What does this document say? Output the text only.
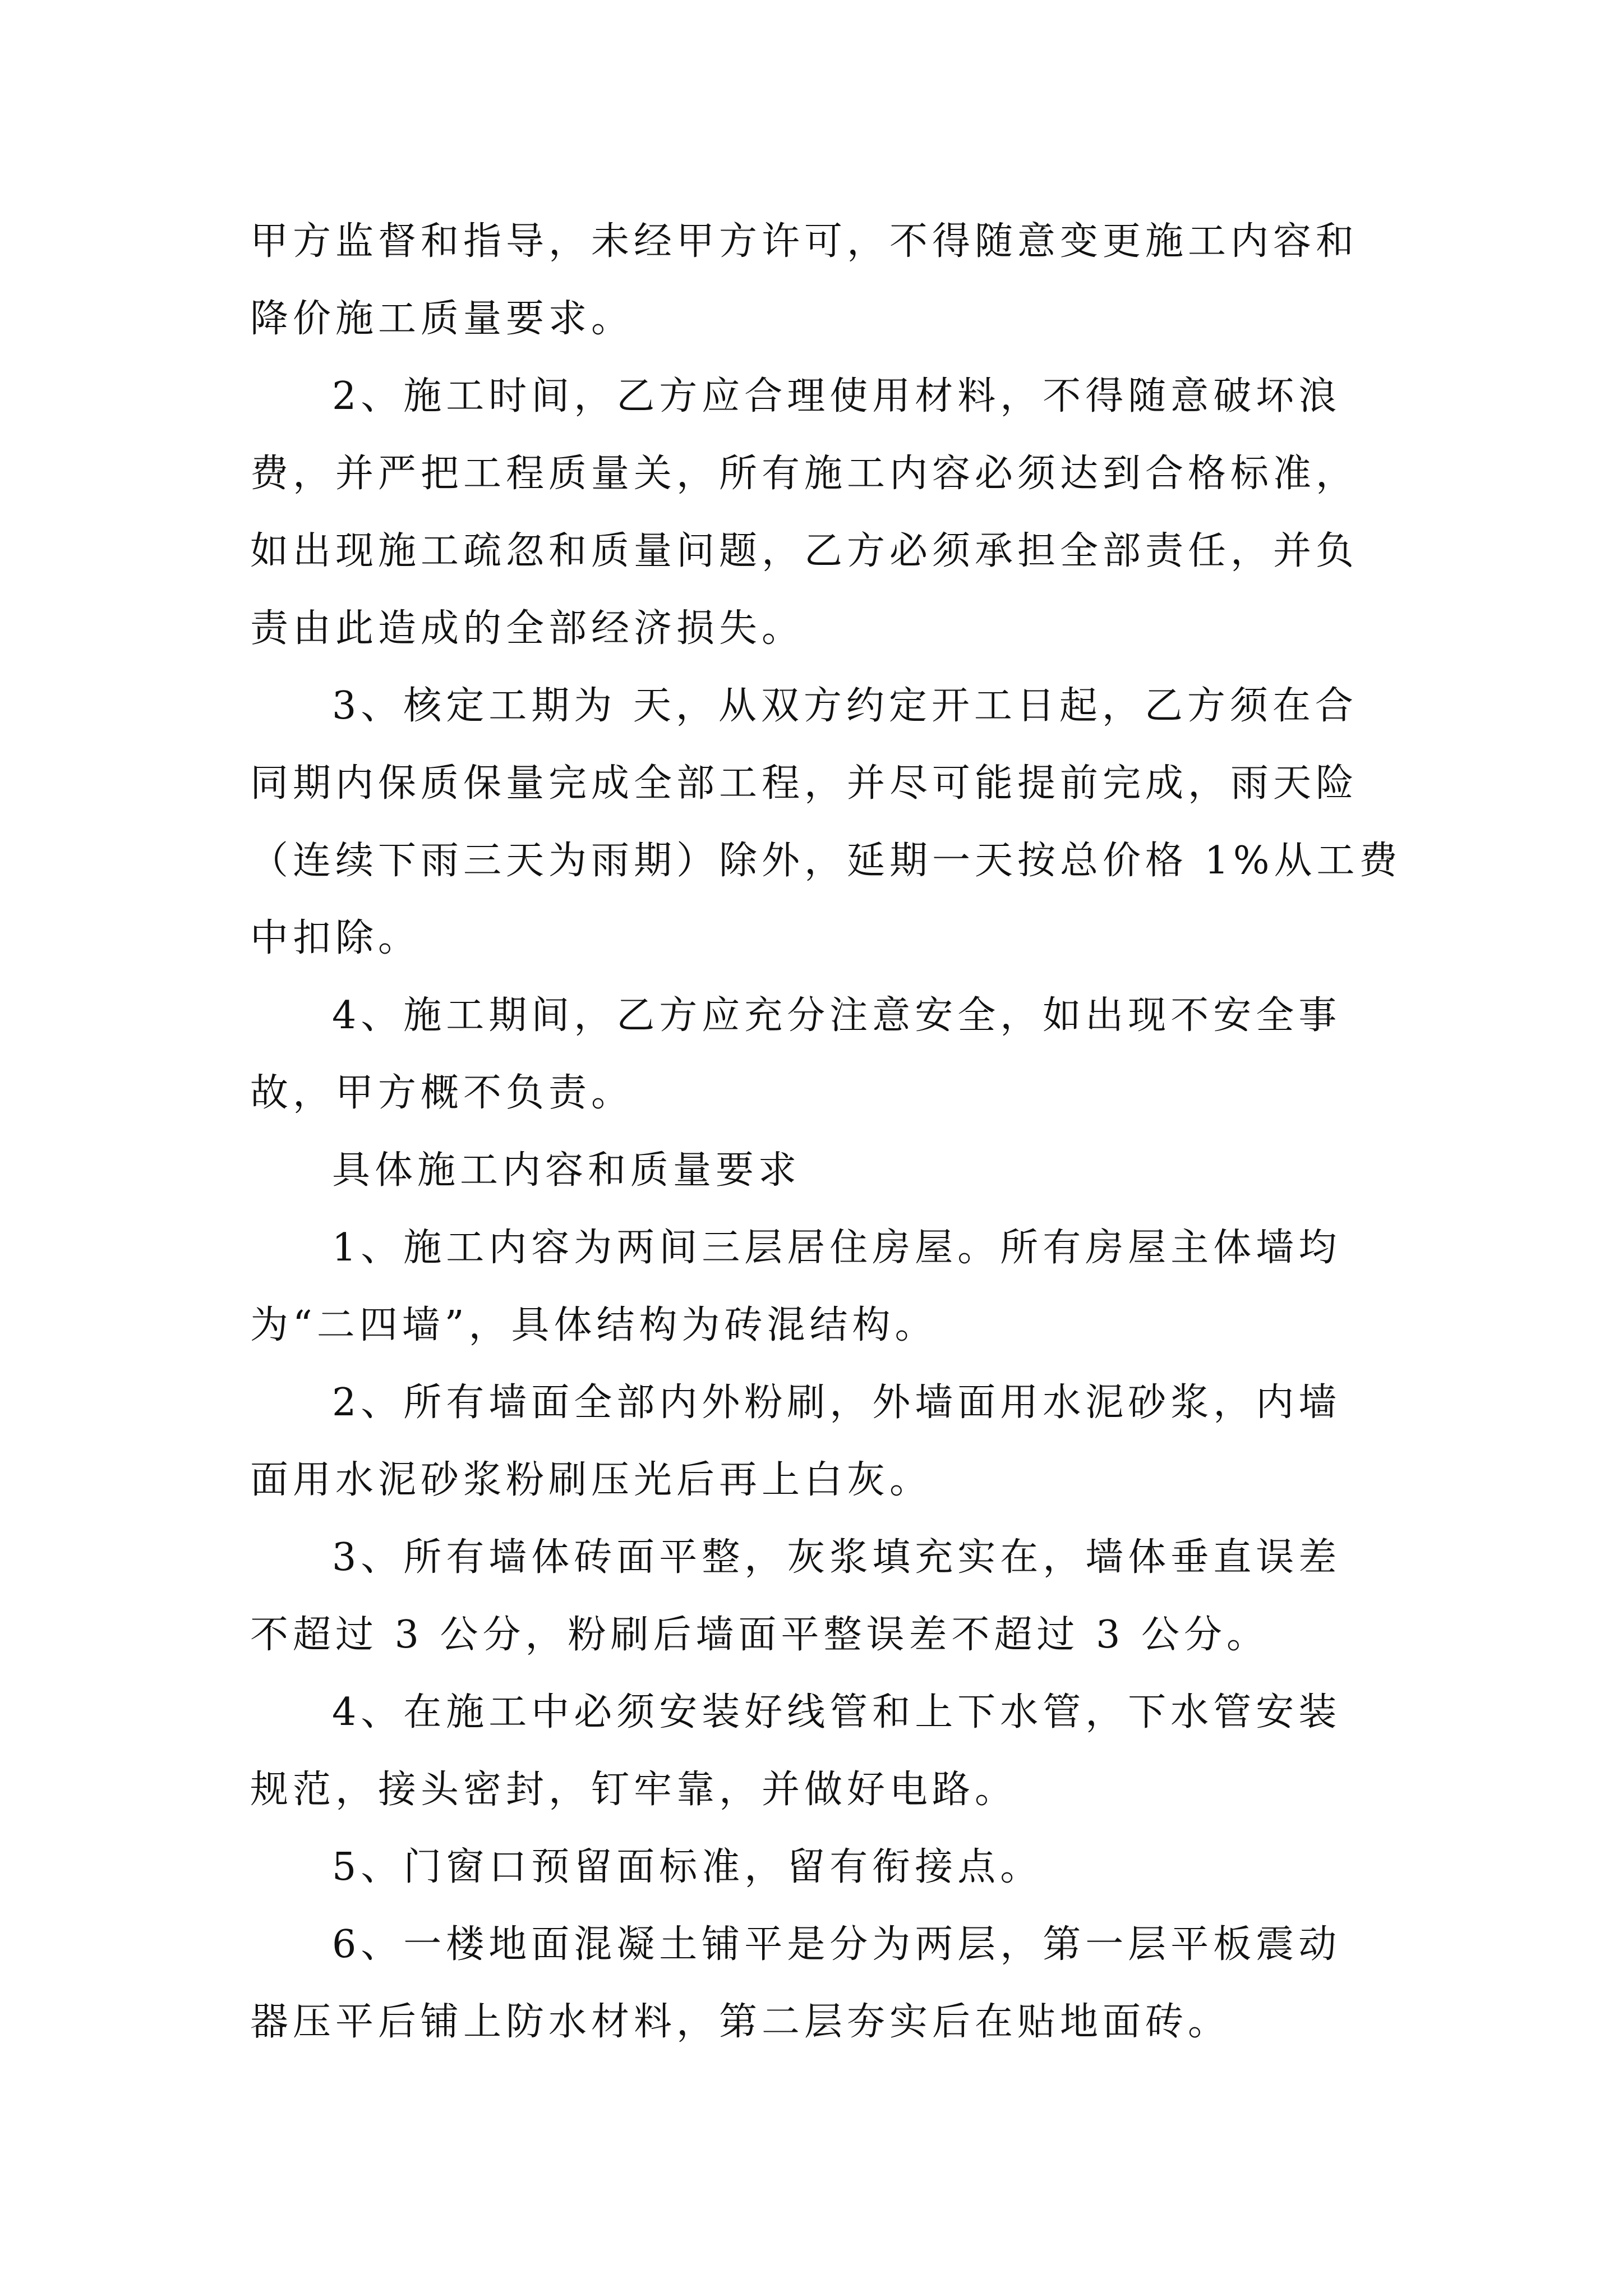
甲方监督和指导，未经甲方许可，不得随意变更施工内容和
降价施工质量要求。
2、施工时间，乙方应合理使用材料，不得随意破坏浪
费，并严把工程质量关，所有施工内容必须达到合格标准，
如出现施工疏忽和质量问题，乙方必须承担全部责任，并负
责由此造成的全部经济损失。
3、核定工期为 天，从双方约定开工日起，乙方须在合
同期内保质保量完成全部工程，并尽可能提前完成，雨天险
（连续下雨三天为雨期）除外，延期一天按总价格 1%从工费
中扣除。
4、施工期间，乙方应充分注意安全，如出现不安全事
故，甲方概不负责。
具体施工内容和质量要求
1、施工内容为两间三层居住房屋。所有房屋主体墙均
为“二四墙”，具体结构为砖混结构。
2、所有墙面全部内外粉刷，外墙面用水泥砂浆，内墙
面用水泥砂浆粉刷压光后再上白灰。
3、所有墙体砖面平整，灰浆填充实在，墙体垂直误差
不超过 3 公分，粉刷后墙面平整误差不超过 3 公分。
4、在施工中必须安装好线管和上下水管，下水管安装
规范，接头密封，钉牢靠，并做好电路。
5、门窗口预留面标准，留有衔接点。
6、一楼地面混凝土铺平是分为两层，第一层平板震动
器压平后铺上防水材料，第二层夯实后在贴地面砖。
